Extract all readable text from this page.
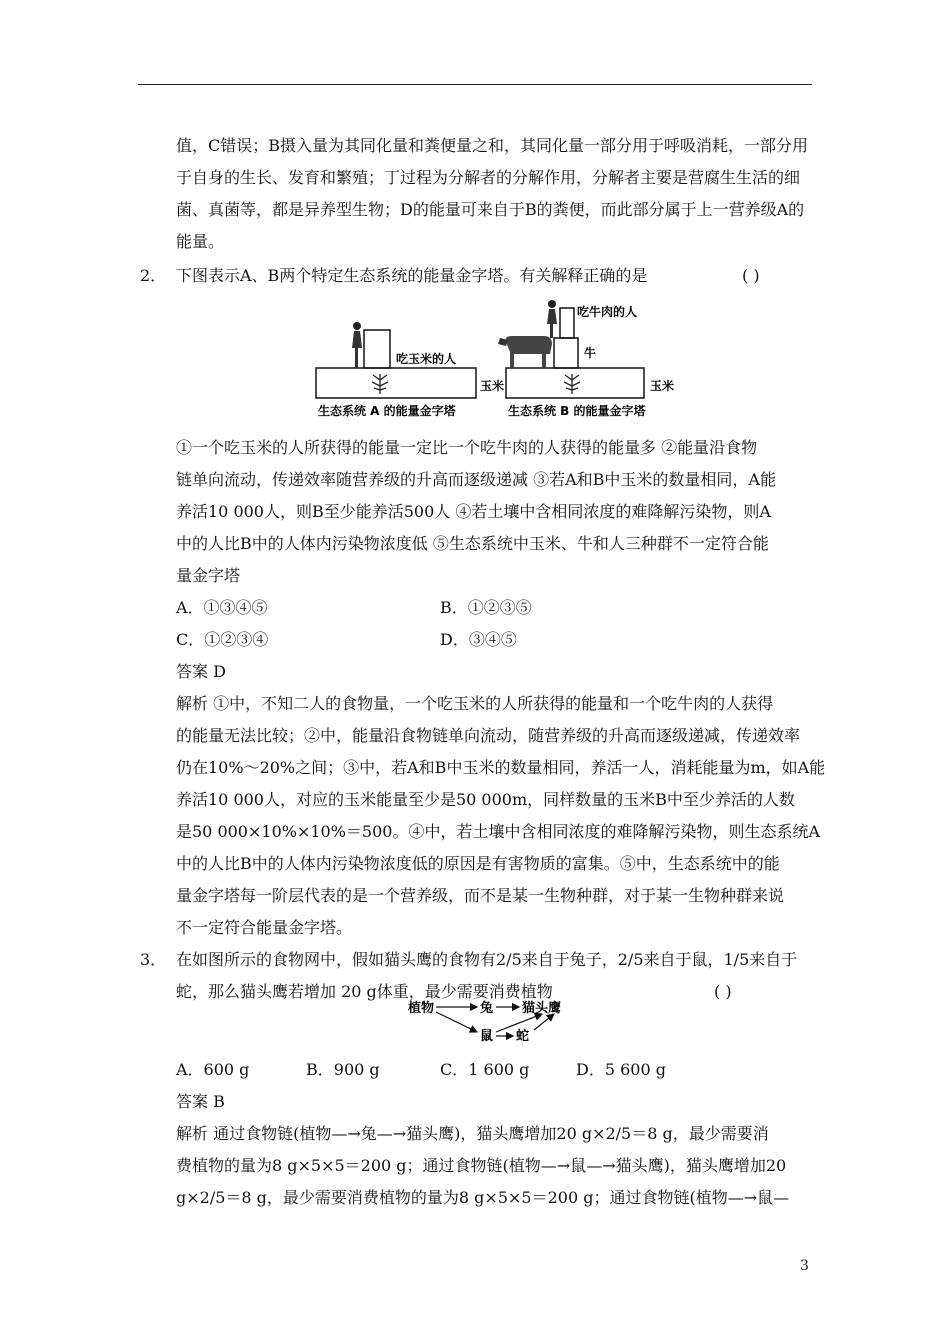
值，C错误；B摄入量为其同化量和粪便量之和，其同化量一部分用于呼吸消耗，一部分用
于自身的生长、发育和繁殖；丁过程为分解者的分解作用，分解者主要是营腐生生活的细
菌、真菌等，都是异养型生物；D的能量可来自于B的粪便，而此部分属于上一营养级A的
能量。
2． 下图表示A、B两个特定生态系统的能量金字塔。有关解释正确的是	( )
吃玉米的人
玉米
生态系统 A 的能量金字塔
吃牛肉的人
牛
玉米
生态系统 B 的能量金字塔
①一个吃玉米的人所获得的能量一定比一个吃牛肉的人获得的能量多 ②能量沿食物
链单向流动，传递效率随营养级的升高而逐级递减 ③若A和B中玉米的数量相同，A能
养活10 000人，则B至少能养活500人 ④若土壤中含相同浓度的难降解污染物，则A
中的人比B中的人体内污染物浓度低 ⑤生态系统中玉米、牛和人三种群不一定符合能
量金字塔
A．①③④⑤	B．①②③⑤
C．①②③④	D．③④⑤
答案 D
解析 ①中，不知二人的食物量，一个吃玉米的人所获得的能量和一个吃牛肉的人获得
的能量无法比较；②中，能量沿食物链单向流动，随营养级的升高而逐级递减，传递效率
仍在10%～20%之间；③中，若A和B中玉米的数量相同，养活一人，消耗能量为m，如A能
养活10 000人，对应的玉米能量至少是50 000m，同样数量的玉米B中至少养活的人数
是50 000×10%×10%＝500。④中，若土壤中含相同浓度的难降解污染物，则生态系统A
中的人比B中的人体内污染物浓度低的原因是有害物质的富集。⑤中，生态系统中的能
量金字塔每一阶层代表的是一个营养级，而不是某一生物种群，对于某一生物种群来说
不一定符合能量金字塔。
3． 在如图所示的食物网中，假如猫头鹰的食物有2/5来自于兔子，2/5来自于鼠，1/5来自于
蛇，那么猫头鹰若增加 20 g体重，最少需要消费植物	( )
植物	兔 猫头鹰
鼠 蛇
A．600 g	B．900 g	C．1 600 g	D．5 600 g
答案 B
解析 通过食物链(植物—→兔—→猫头鹰)，猫头鹰增加20 g×2/5＝8 g，最少需要消
费植物的量为8 g×5×5＝200 g；通过食物链(植物—→鼠—→猫头鹰)，猫头鹰增加20
g×2/5＝8 g，最少需要消费植物的量为8 g×5×5＝200 g；通过食物链(植物—→鼠—
3
